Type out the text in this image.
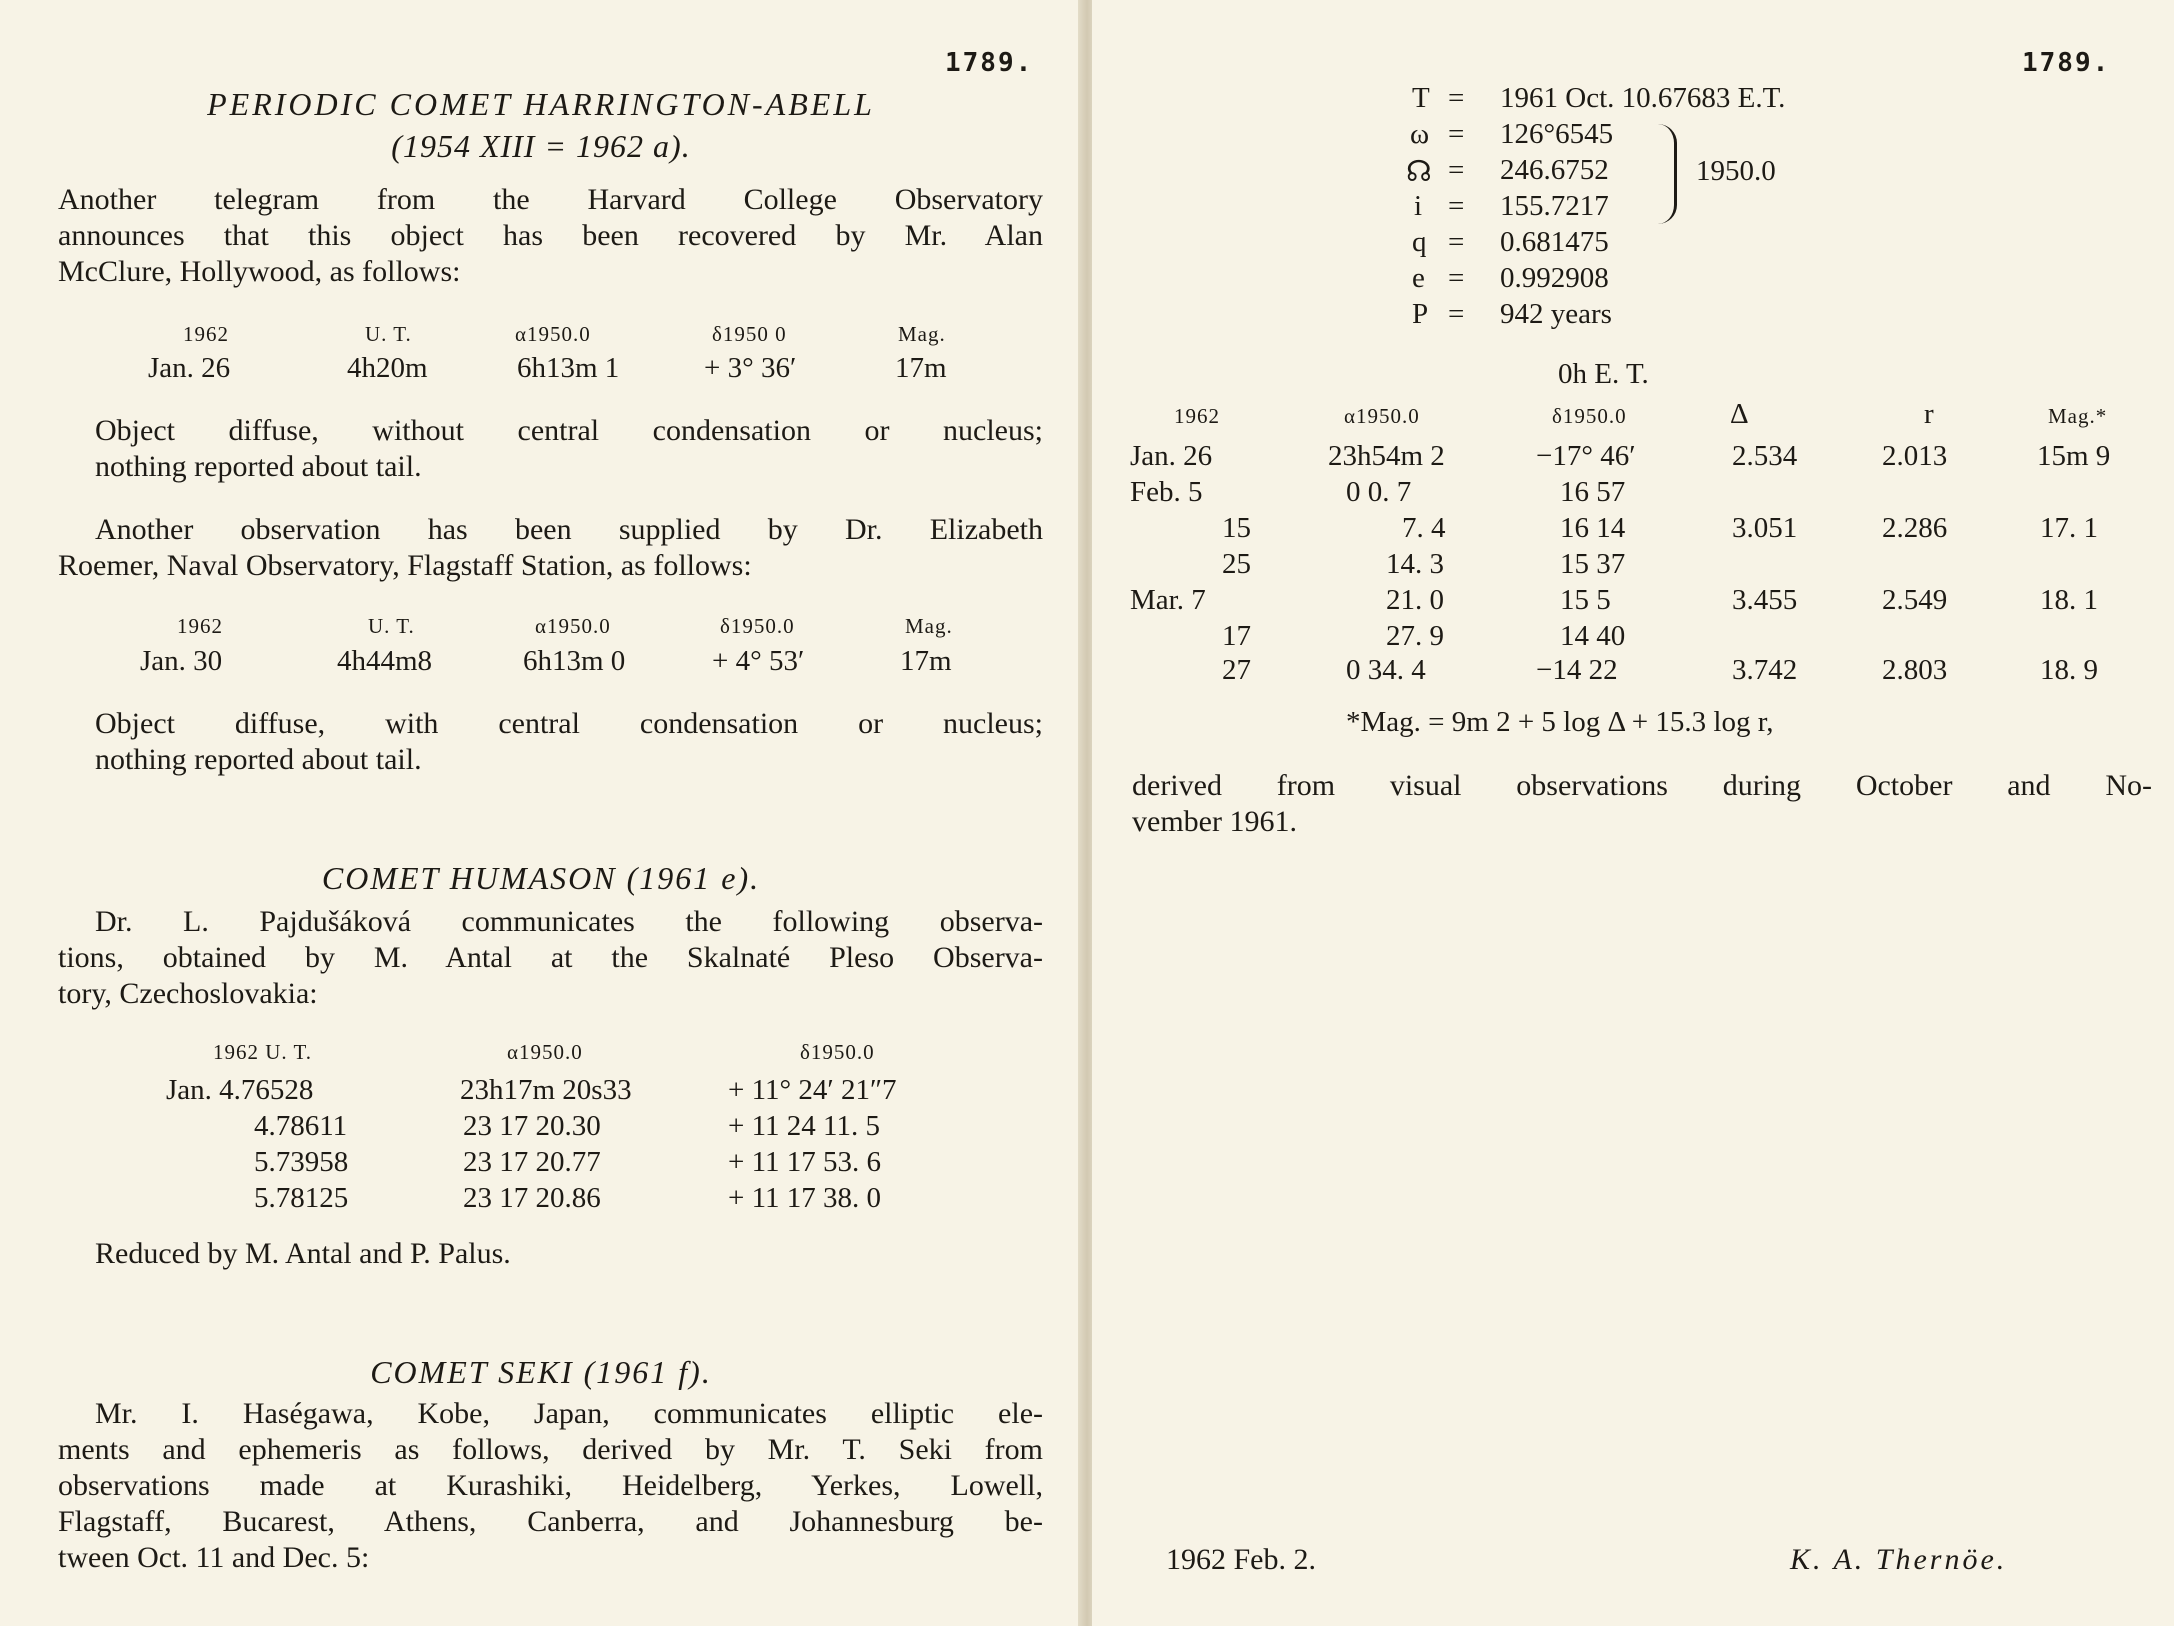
1789.
PERIODIC COMET HARRINGTON-ABELL
(1954 XIII = 1962 a).
Another telegram from the Harvard College Observatory
announces that this object has been recovered by Mr. Alan
McClure, Hollywood, as follows:
1962	U. T.	α1950.0	δ1950 0	Mag.
Jan. 26	4h20m	6h13m 1	+ 3° 36′	17m
Object diffuse, without central condensation or nucleus;
nothing reported about tail.
Another observation has been supplied by Dr. Elizabeth
Roemer, Naval Observatory, Flagstaff Station, as follows:
1962	U. T.	α1950.0	δ1950.0	Mag.
Jan. 30	4h44m8	6h13m 0	+ 4° 53′	17m
Object diffuse, with central condensation or nucleus;
nothing reported about tail.
COMET HUMASON (1961 e).
Dr. L. Pajdušáková communicates the following observa-
tions, obtained by M. Antal at the Skalnaté Pleso Observa-
tory, Czechoslovakia:
1962 U. T.	α1950.0	δ1950.0
Jan. 4.76528	23h17m 20s33	+ 11° 24′ 21″7
4.78611	23 17 20.30	+ 11 24 11. 5
5.73958	23 17 20.77	+ 11 17 53. 6
5.78125	23 17 20.86	+ 11 17 38. 0
Reduced by M. Antal and P. Palus.
COMET SEKI (1961 f).
Mr. I. Haségawa, Kobe, Japan, communicates elliptic ele-
ments and ephemeris as follows, derived by Mr. T. Seki from
observations made at Kurashiki, Heidelberg, Yerkes, Lowell,
Flagstaff, Bucarest, Athens, Canberra, and Johannesburg be-
tween Oct. 11 and Dec. 5:
1789.
T = 1961 Oct. 10.67683 E.T.
ω = 126°6545
☊ = 246.6752
i = 155.7217
q = 0.681475
e = 0.992908
P = 942 years
1950.0
0h E. T.
1962	α1950.0	δ1950.0	Δ	r	Mag.*
Jan. 26	23h54m 2	−17° 46′	2.534	2.013	15m 9
Feb. 5	0 0. 7	16 57
15	7. 4	16 14	3.051	2.286	17. 1
25	14. 3	15 37
Mar. 7	21. 0	15 5	3.455	2.549	18. 1
17	27. 9	14 40
27	0 34. 4	−14 22	3.742	2.803	18. 9
*Mag. = 9m 2 + 5 log Δ + 15.3 log r,
derived from visual observations during October and No-
vember 1961.
1962 Feb. 2.	K. A. Thernöe.
